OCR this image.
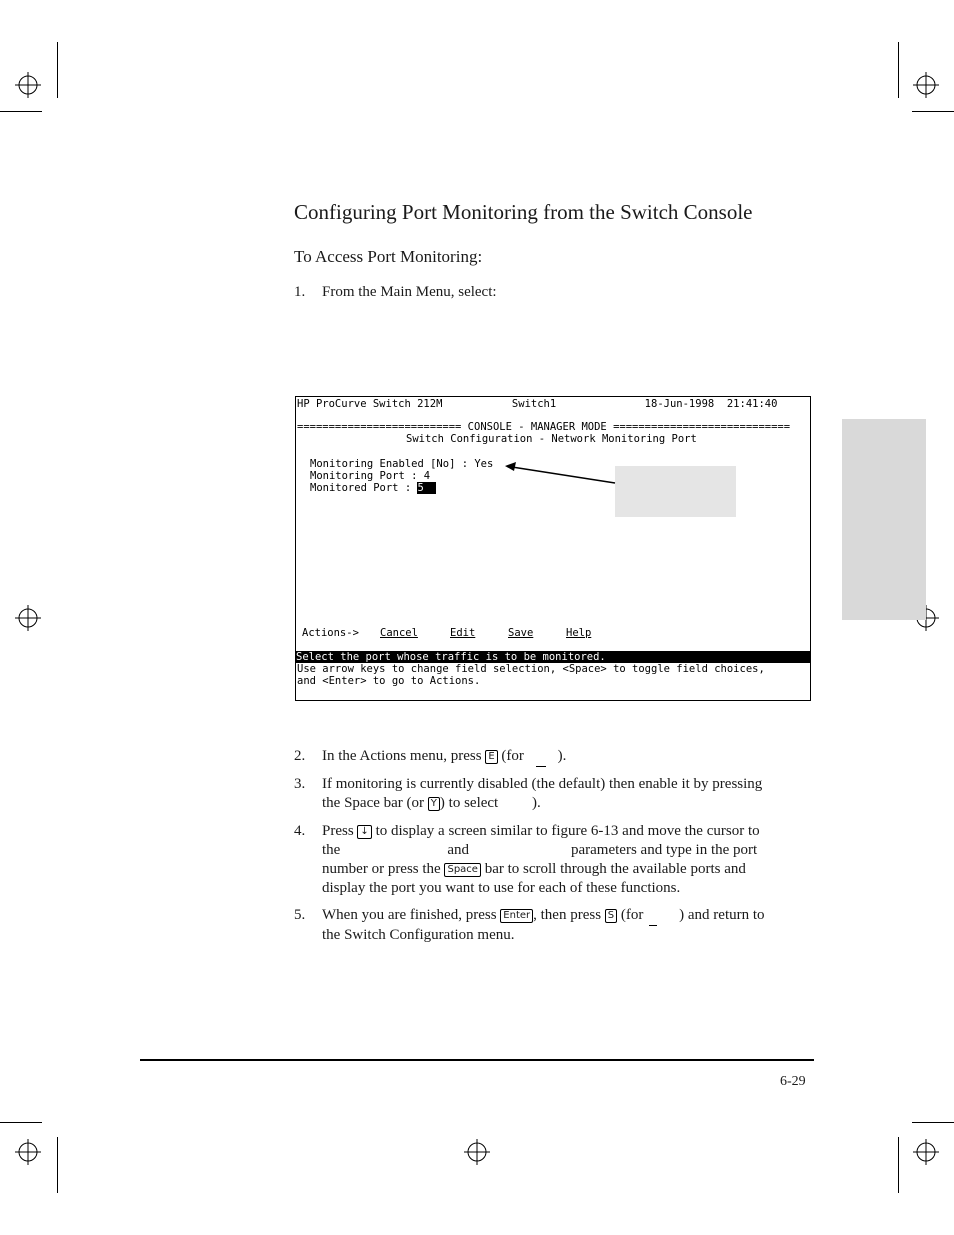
Configuring Port Monitoring from the Switch Console
To Access Port Monitoring:
1. From the Main Menu, select:
HP ProCurve Switch 212M           Switch1              18-Jun-1998  21:41:40
========================== CONSOLE - MANAGER MODE ============================
Switch Configuration - Network Monitoring Port
Monitoring Enabled [No] : Yes
Monitoring Port : 4
Monitored Port : 5
Actions-> Cancel	Edit	Save	Help
Select the port whose traffic is to be monitored.
Use arrow keys to change field selection, <Space> to toggle field choices,
and <Enter> to go to Actions.
2. In the Actions menu, press E (for  ).
3. If monitoring is currently disabled (the default) then enable it by pressing
the Space bar (or Y ) to select ).
4. Press ↓ to display a screen similar to figure 6-13 and move the cursor to
the	and	parameters and type in the port
number or press the Space bar to scroll through the available ports and
display the port you want to use for each of these functions.
5. When you are finished, press Enter , then press S (for  ) and return to
the Switch Configuration menu.
6-29
